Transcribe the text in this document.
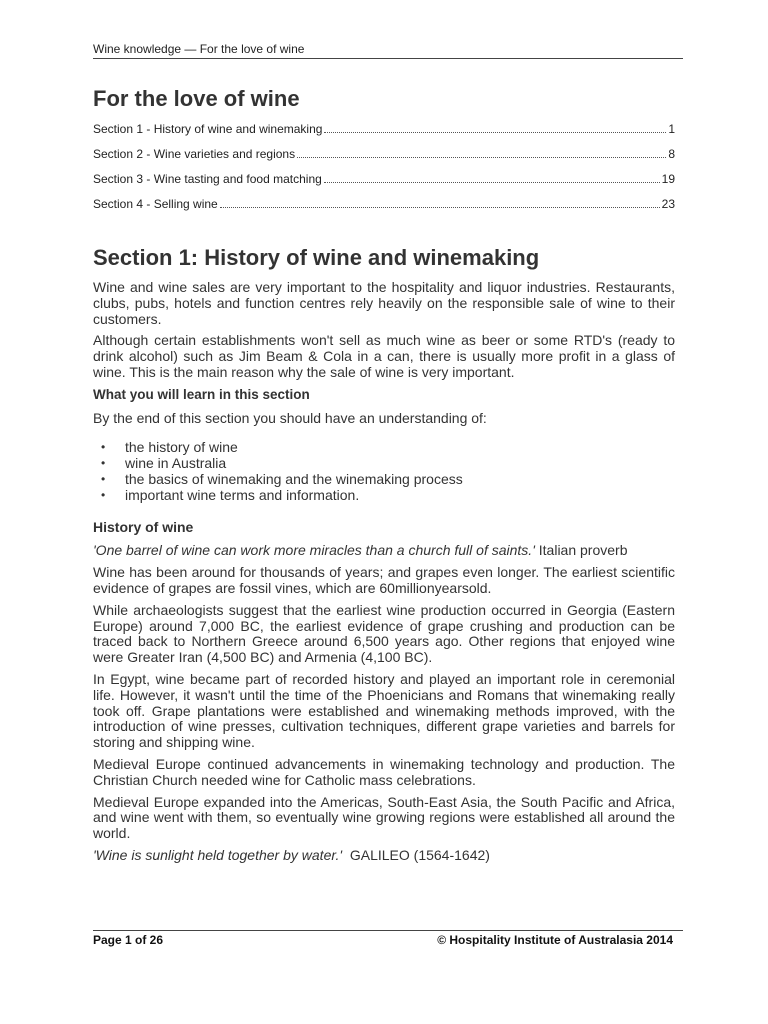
Wine knowledge — For the love of wine
For the love of wine
Section 1 - History of wine and winemaking	1
Section 2 - Wine varieties and regions	8
Section 3 - Wine tasting and food matching	19
Section 4 - Selling wine	23
Section 1: History of wine and winemaking

Wine and wine sales are very important to the hospitality and liquor industries. Restaurants, clubs, pubs, hotels and function centres rely heavily on the responsible sale of wine to their customers.

Although certain establishments won't sell as much wine as beer or some RTD's (ready to drink alcohol) such as Jim Beam & Cola in a can, there is usually more profit in a glass of wine. This is the main reason why the sale of wine is very important.

What you will learn in this section

By the end of this section you should have an understanding of:

• the history of wine
• wine in Australia
• the basics of winemaking and the winemaking process
• important wine terms and information.
History of wine

'One barrel of wine can work more miracles than a church full of saints.' Italian proverb

Wine has been around for thousands of years; and grapes even longer. The earliest scientific evidence of grapes are fossil vines, which are 60millionyearsold.

While archaeologists suggest that the earliest wine production occurred in Georgia (Eastern Europe) around 7,000 BC, the earliest evidence of grape crushing and production can be traced back to Northern Greece around 6,500 years ago. Other regions that enjoyed wine were Greater Iran (4,500 BC) and Armenia (4,100 BC).

In Egypt, wine became part of recorded history and played an important role in ceremonial life. However, it wasn't until the time of the Phoenicians and Romans that winemaking really took off. Grape plantations were established and winemaking methods improved, with the introduction of wine presses, cultivation techniques, different grape varieties and barrels for storing and shipping wine.

Medieval Europe continued advancements in winemaking technology and production. The Christian Church needed wine for Catholic mass celebrations.

Medieval Europe expanded into the Americas, South-East Asia, the South Pacific and Africa, and wine went with them, so eventually wine growing regions were established all around the world.

'Wine is sunlight held together by water.' GALILEO (1564-1642)

Page 1 of 26	© Hospitality Institute of Australasia 2014
